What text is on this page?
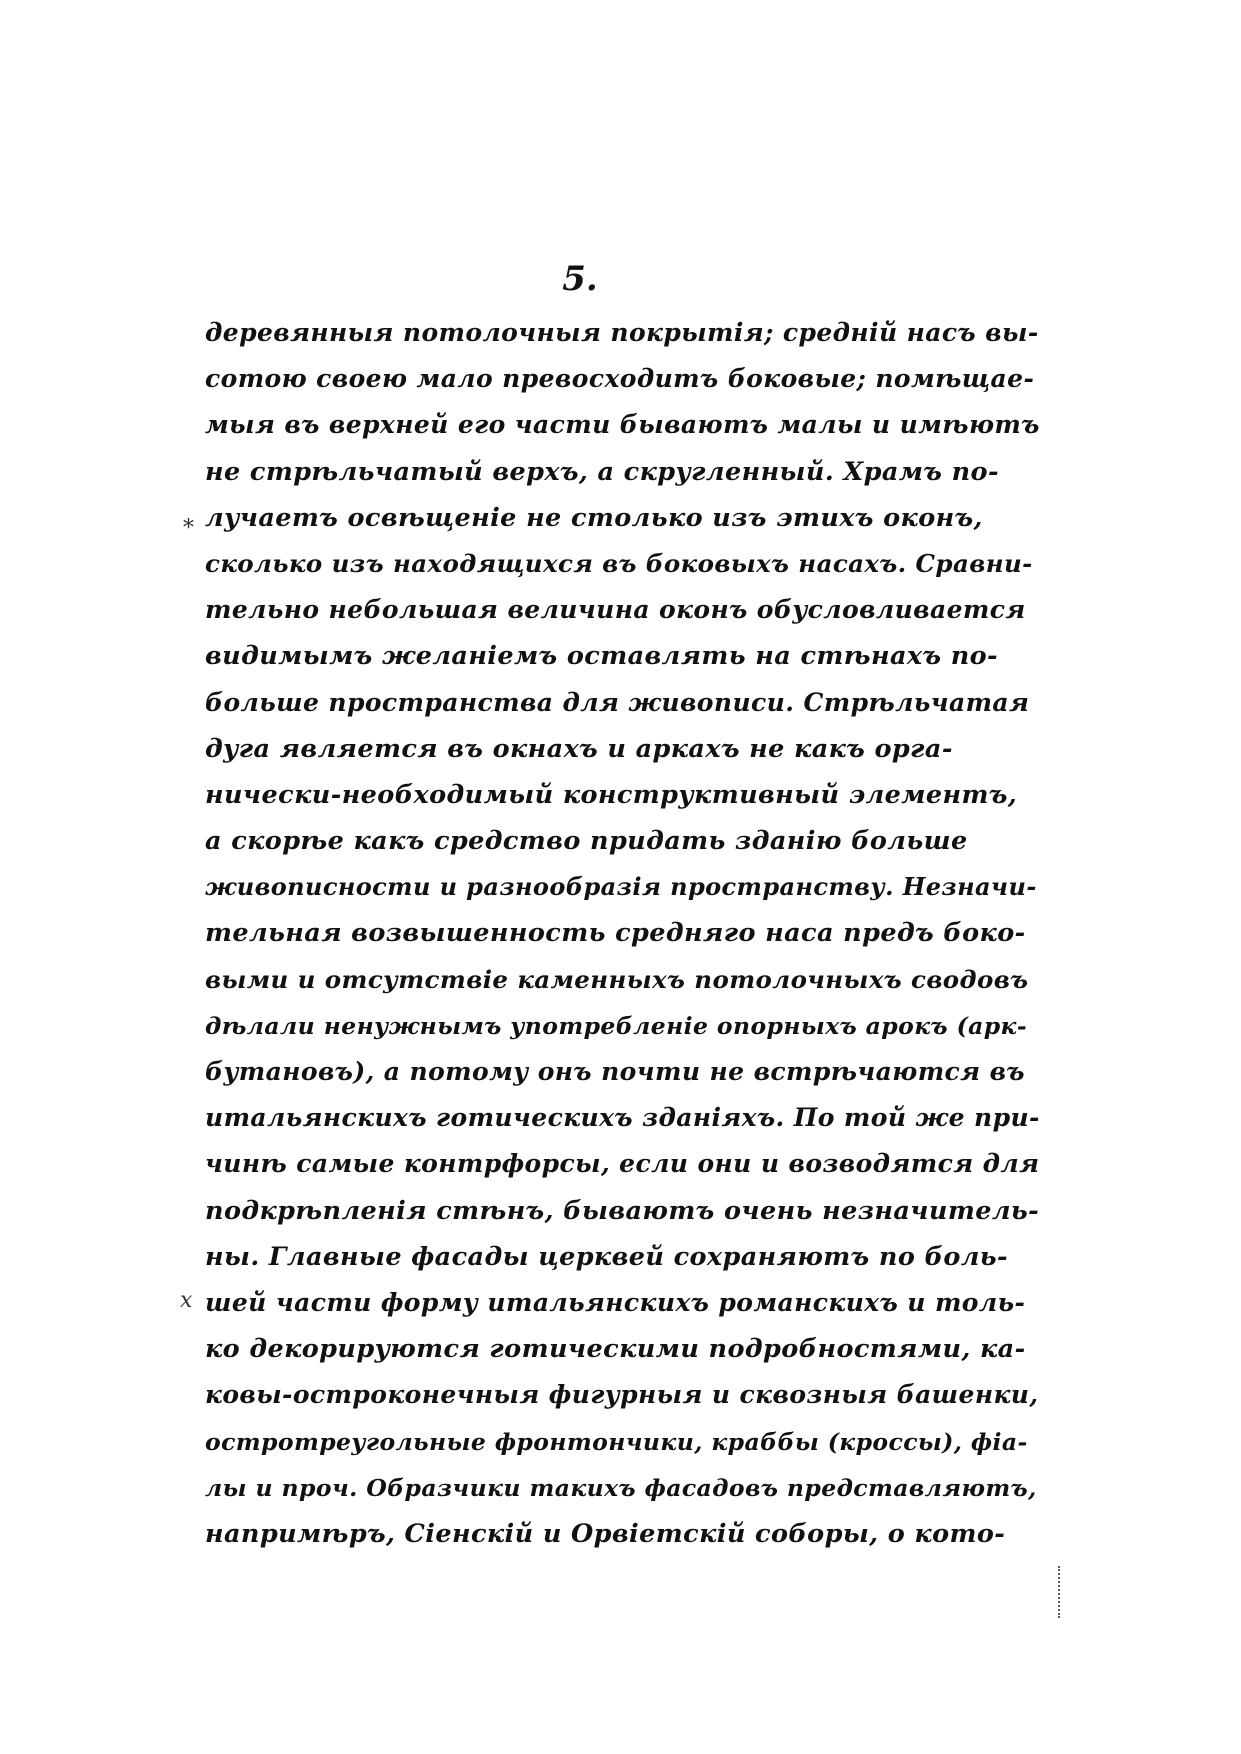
5.
*
x
деревянныя потолочныя покрытія; средній насъ вы-
сотою своею мало превосходитъ боковые; помѣщае-
мыя въ верхней его части бываютъ малы и имѣютъ
не стрѣльчатый верхъ, а скругленный. Храмъ по-
лучаетъ освѣщеніе не столько изъ этихъ оконъ,
сколько изъ находящихся въ боковыхъ насахъ. Сравни-
тельно небольшая величина оконъ обусловливается
видимымъ желаніемъ оставлять на стѣнахъ по-
больше пространства для живописи. Стрѣльчатая
дуга является въ окнахъ и аркахъ не какъ орга-
нически-необходимый конструктивный элементъ,
а скорѣе какъ средство придать зданію больше
живописности и разнообразія пространству. Незначи-
тельная возвышенность средняго наса предъ боко-
выми и отсутствіе каменныхъ потолочныхъ сводовъ
дѣлали ненужнымъ употребленіе опорныхъ арокъ (арк-
бутановъ), а потому онъ почти не встрѣчаются въ
итальянскихъ готическихъ зданіяхъ. По той же при-
чинѣ самые контрфорсы, если они и возводятся для
подкрѣпленія стѣнъ, бываютъ очень незначитель-
ны. Главные фасады церквей сохраняютъ по боль-
шей части форму итальянскихъ романскихъ и толь-
ко декорируются готическими подробностями, ка-
ковы-остроконечныя фигурныя и сквозныя башенки,
остротреугольные фронтончики, краббы (кроссы), фіа-
лы и проч. Образчики такихъ фасадовъ представляютъ,
напримѣръ, Сіенскій и Орвіетскій соборы, о кото-
